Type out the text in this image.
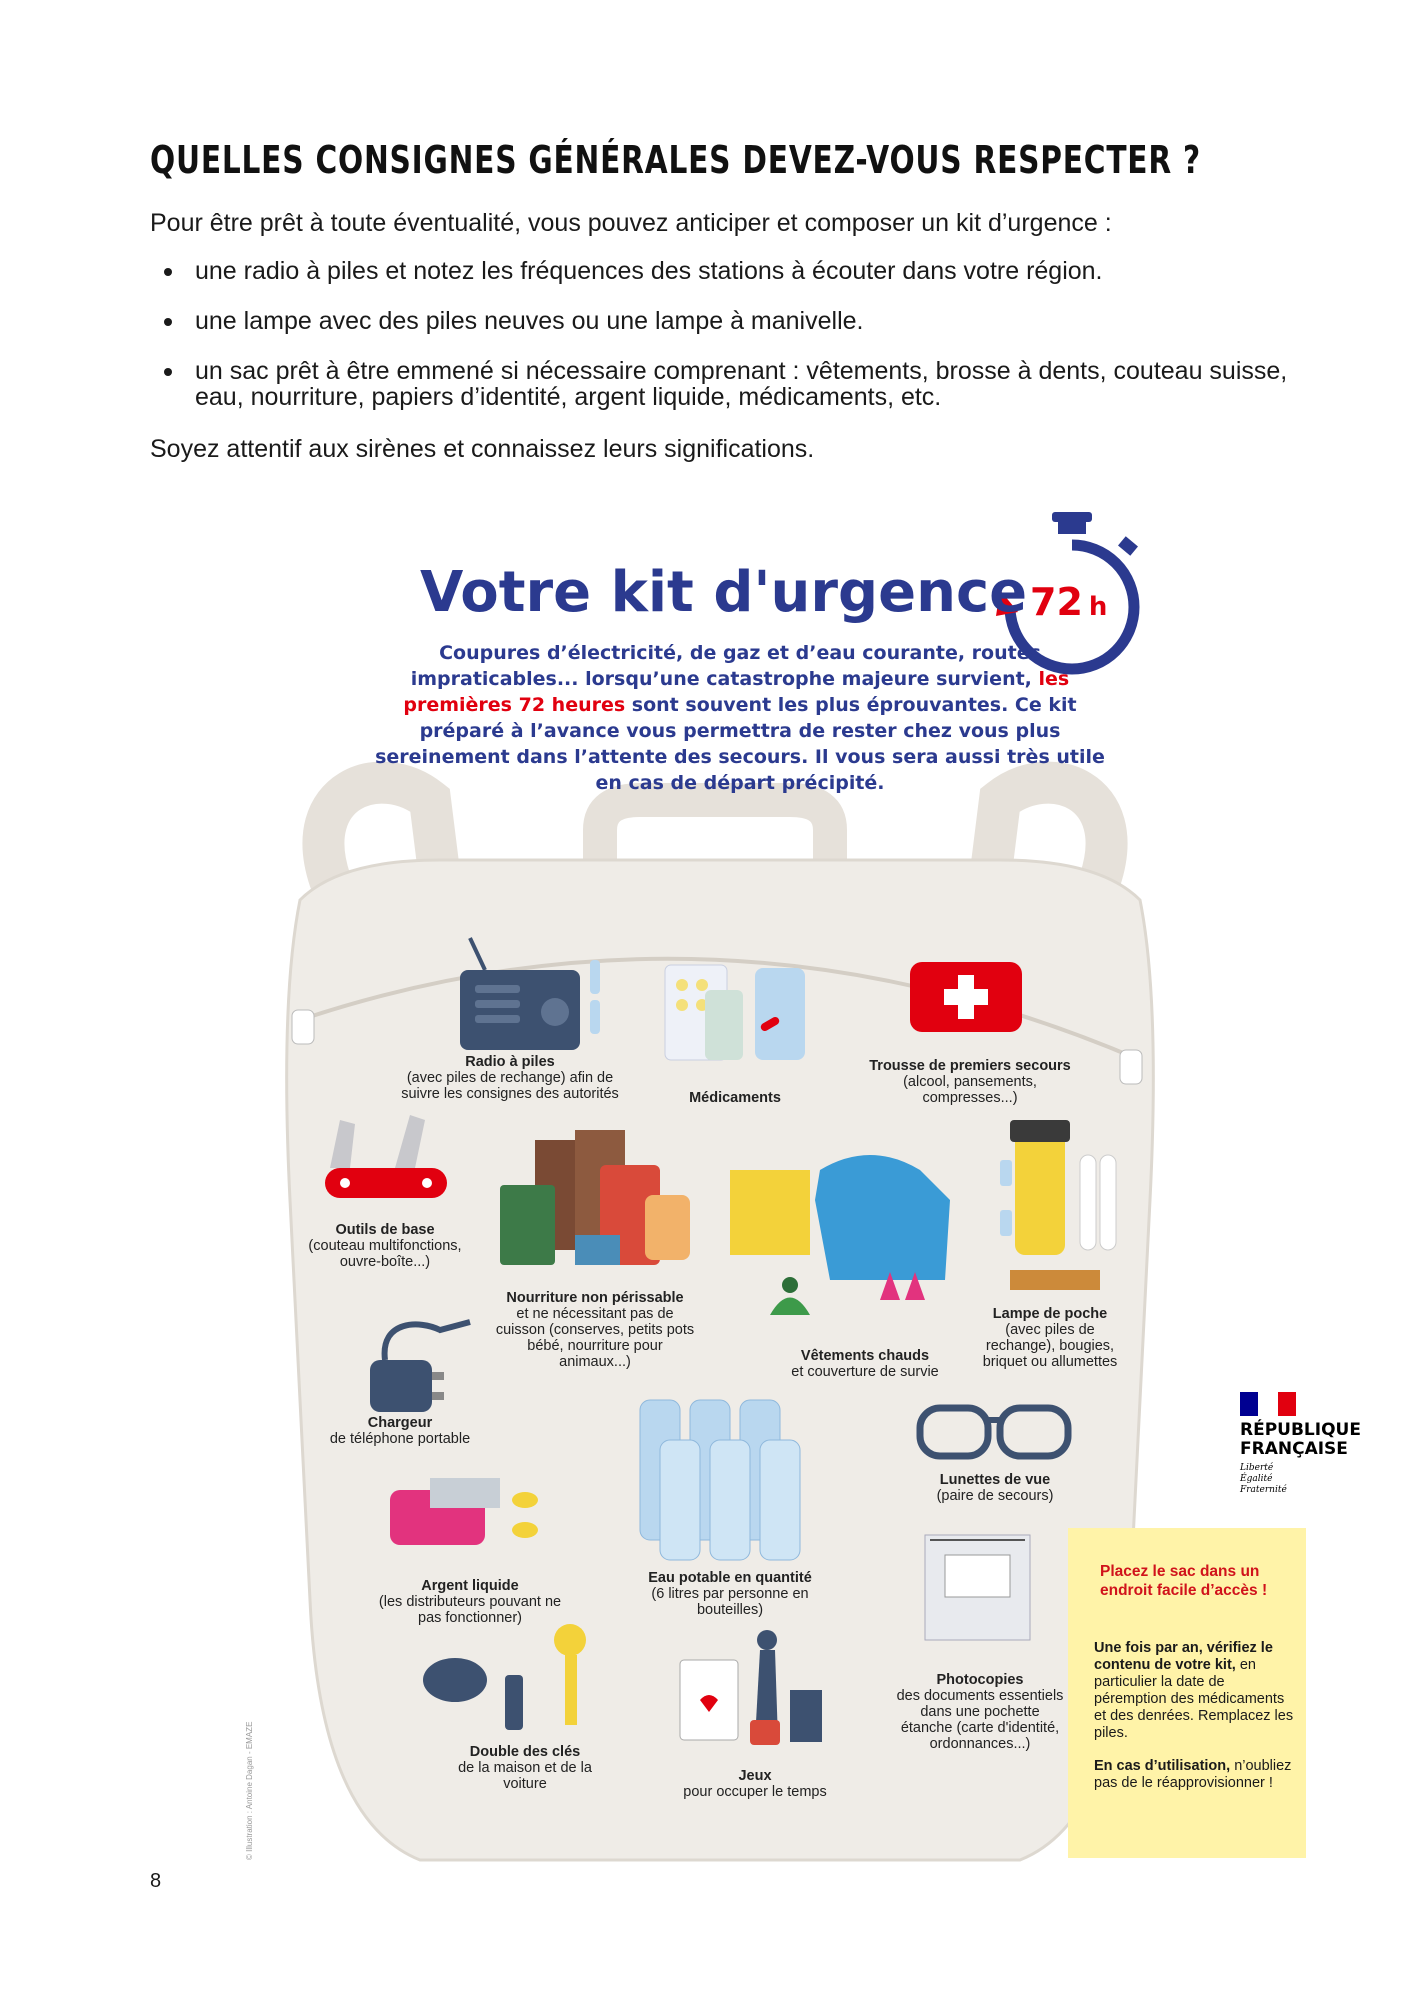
QUELLES CONSIGNES GÉNÉRALES DEVEZ-VOUS RESPECTER ?
Pour être prêt à toute éventualité, vous pouvez anticiper et composer un kit d’urgence :
une radio à piles et notez les fréquences des stations à écouter dans votre région.
une lampe avec des piles neuves ou une lampe à manivelle.
un sac prêt à être emmené si nécessaire comprenant : vêtements, brosse à dents, couteau suisse, eau, nourriture, papiers d’identité, argent liquide, médicaments, etc.
Soyez attentif aux sirènes et connaissez leurs significations.
Votre kit d'urgence 72 h
Coupures d’électricité, de gaz et d’eau courante, routes impraticables... lorsqu’une catastrophe majeure survient, les premières 72 heures sont souvent les plus éprouvantes. Ce kit préparé à l’avance vous permettra de rester chez vous plus sereinement dans l’attente des secours. Il vous sera aussi très utile en cas de départ précipité.
Radio à piles
(avec piles de rechange) afin de suivre les consignes des autorités	Médicaments
Trousse de premiers secours
(alcool, pansements, compresses...)
Outils de base
(couteau multifonctions, ouvre-boîte...)
Nourriture non périssable
et ne nécessitant pas de cuisson (conserves, petits pots bébé, nourriture pour animaux...)	Vêtements chauds
et couverture de survie
Lampe de poche
(avec piles de rechange), bougies, briquet ou allumettes
Chargeur
de téléphone portable
Lunettes de vue
(paire de secours)
Argent liquide
(les distributeurs pouvant ne pas fonctionner)
Eau potable en quantité
(6 litres par personne en bouteilles)
Photocopies
des documents essentiels dans une pochette étanche (carte d'identité, ordonnances...)
Double des clés
de la maison et de la voiture	Jeux
pour occuper le temps
Placez le sac dans un endroit facile d’accès !

Une fois par an, vérifiez le contenu de votre kit, en particulier la date de péremption des médicaments et des denrées. Remplacez les piles.

En cas d’utilisation, n’oubliez pas de le réapprovisionner !

RÉPUBLIQUE
FRANÇAISE
Liberté
Égalité
Fraternité
© Illustration : Antoine Dagan - EMAZE
8
